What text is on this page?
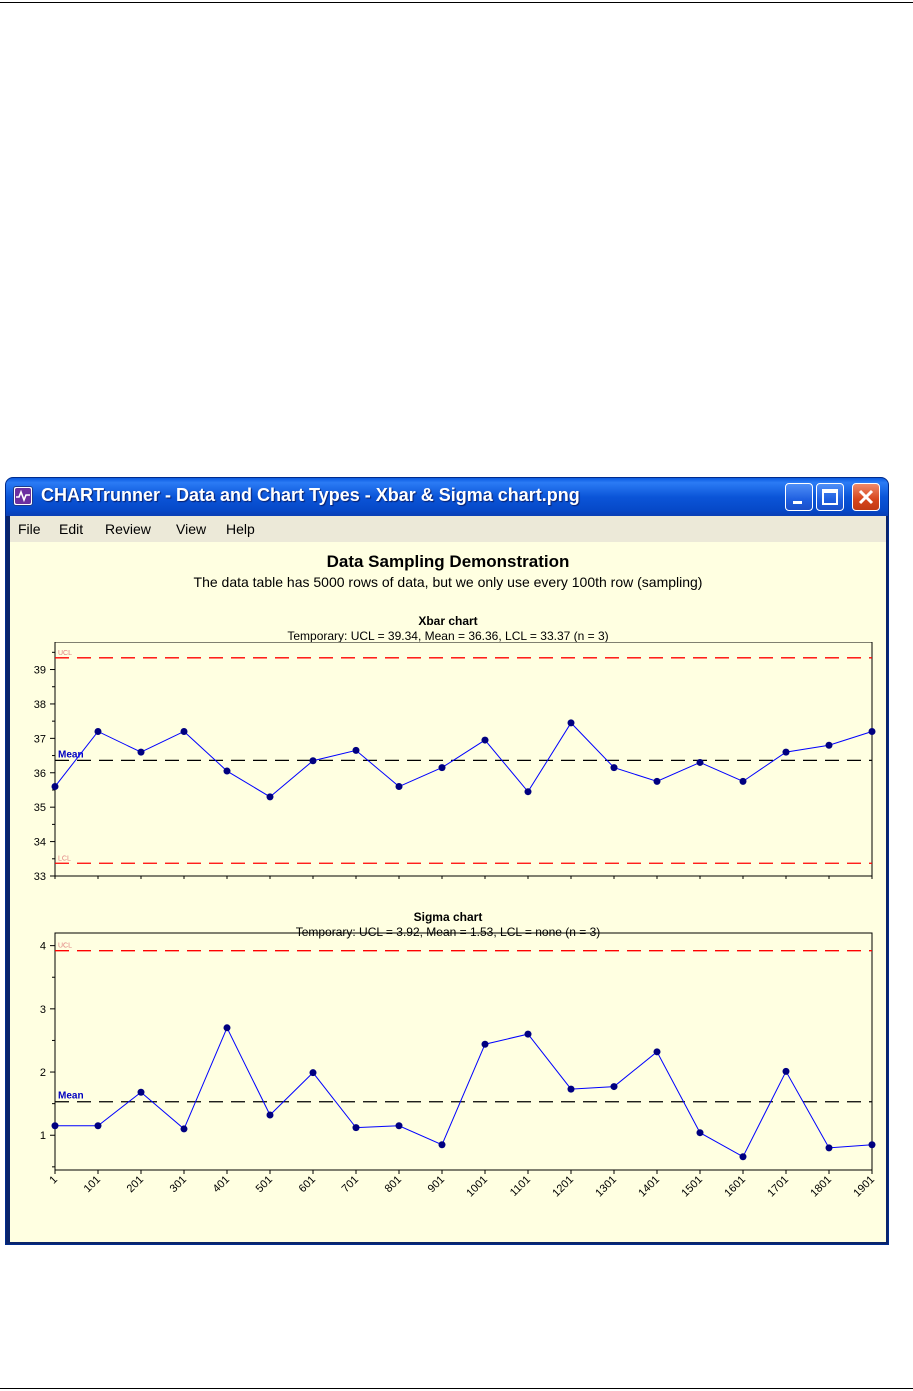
CHARTrunner - Data and Chart Types - Xbar & Sigma chart.png
File Edit Review View Help
Data Sampling Demonstration
The data table has 5000 rows of data, but we only use every 100th row (sampling)
Xbar chart
Temporary: UCL = 39.34, Mean = 36.36, LCL = 33.37 (n = 3)
33
34
35
36
37
38
39
UCL
Mean
LCL
Sigma chart
Temporary: UCL = 3.92, Mean = 1.53, LCL = none (n = 3)
1
2
3
4 UCL
Mean
1 101 201 301 401 501 601 701 801 901 1001 1101 1201 1301 1401 1501 1601 1701 1801 1901
